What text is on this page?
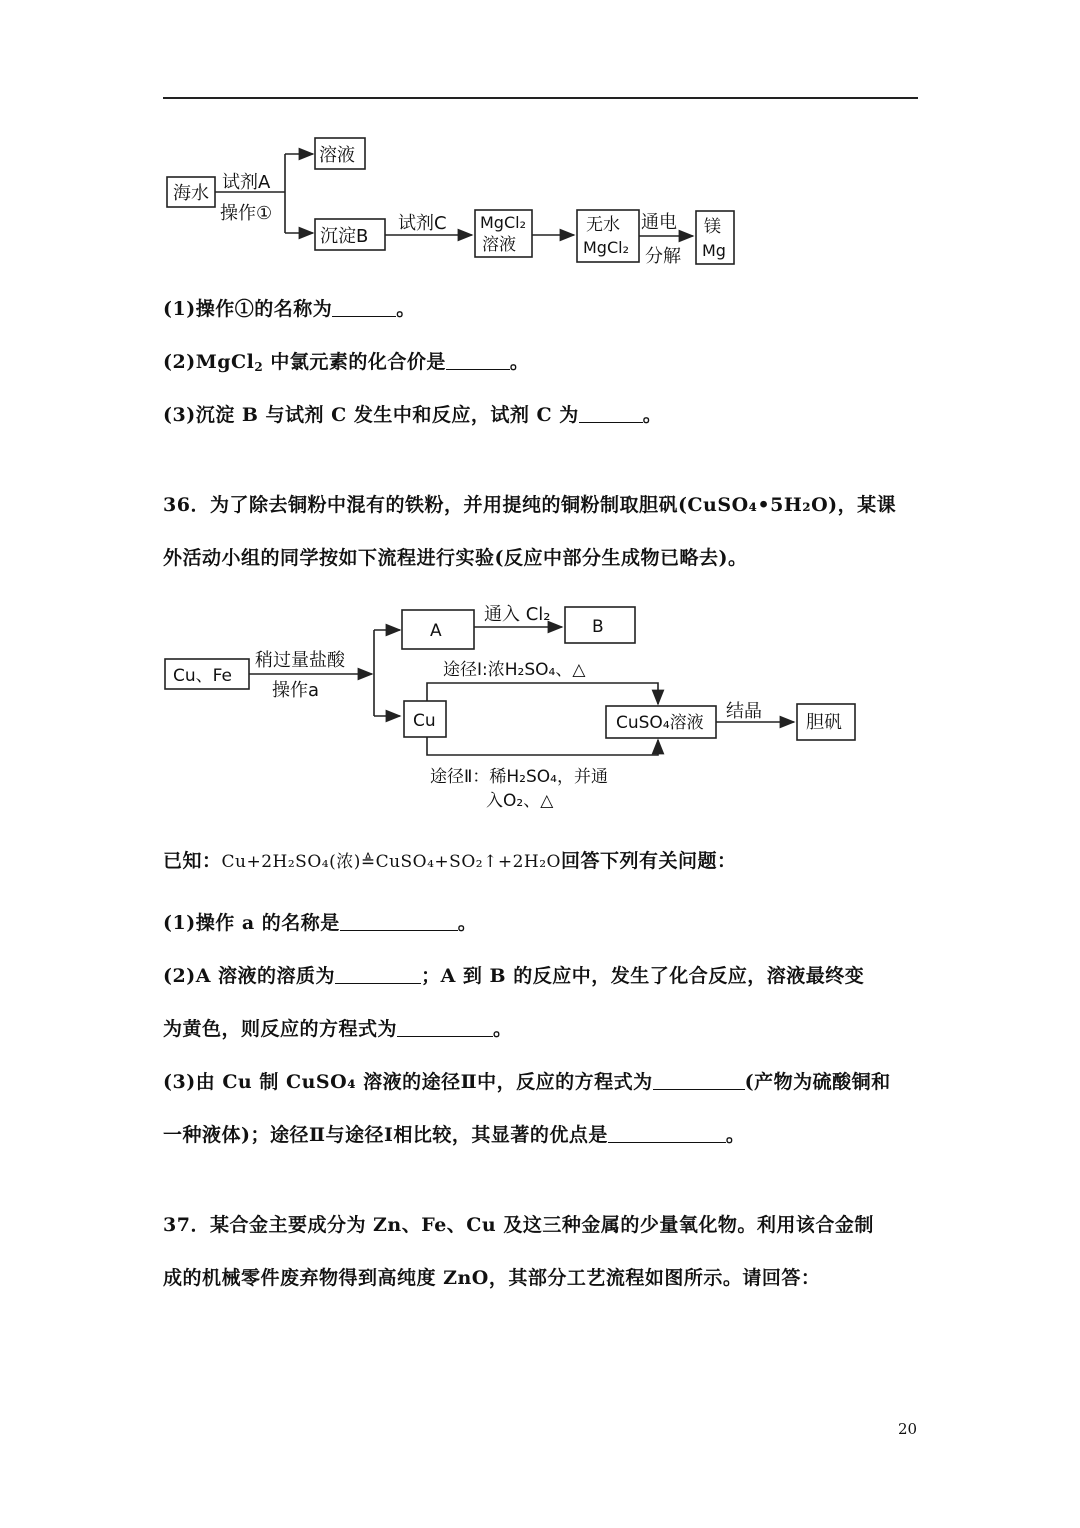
海水
试剂A
操作①
溶液
沉淀B
试剂C MgCl₂
溶液
无水
MgCl₂
通电
分解
镁
Mg
(1)操作①的名称为	。
(2)MgCl$_2$ 中氯元素的化合价是	。
(3)沉淀 B 与试剂 C 发生中和反应，试剂 C 为	。
36．为了除去铜粉中混有的铁粉，并用提纯的铜粉制取胆矾(CuSO₄•5H₂O)，某课
外活动小组的同学按如下流程进行实验(反应中部分生成物已略去)。
Cu、Fe
稍过量盐酸
操作a
A
通入 Cl₂
B
途径Ⅰ:浓H₂SO₄、△
Cu	CuSO₄溶液
结晶
胆矾
途径Ⅱ：稀H₂SO₄，并通
入O₂、△
已知：Cu+2H₂SO₄(浓)≜CuSO₄+SO₂↑+2H₂O回答下列有关问题：
(1)操作 a 的名称是	。
(2)A 溶液的溶质为	；A 到 B 的反应中，发生了化合反应，溶液最终变
为黄色，则反应的方程式为	。
(3)由 Cu 制 CuSO₄ 溶液的途径Ⅱ中，反应的方程式为	(产物为硫酸铜和
一种液体)；途径Ⅱ与途径Ⅰ相比较，其显著的优点是	。
37．某合金主要成分为 Zn、Fe、Cu 及这三种金属的少量氧化物。利用该合金制
成的机械零件废弃物得到高纯度 ZnO，其部分工艺流程如图所示。请回答：
20
